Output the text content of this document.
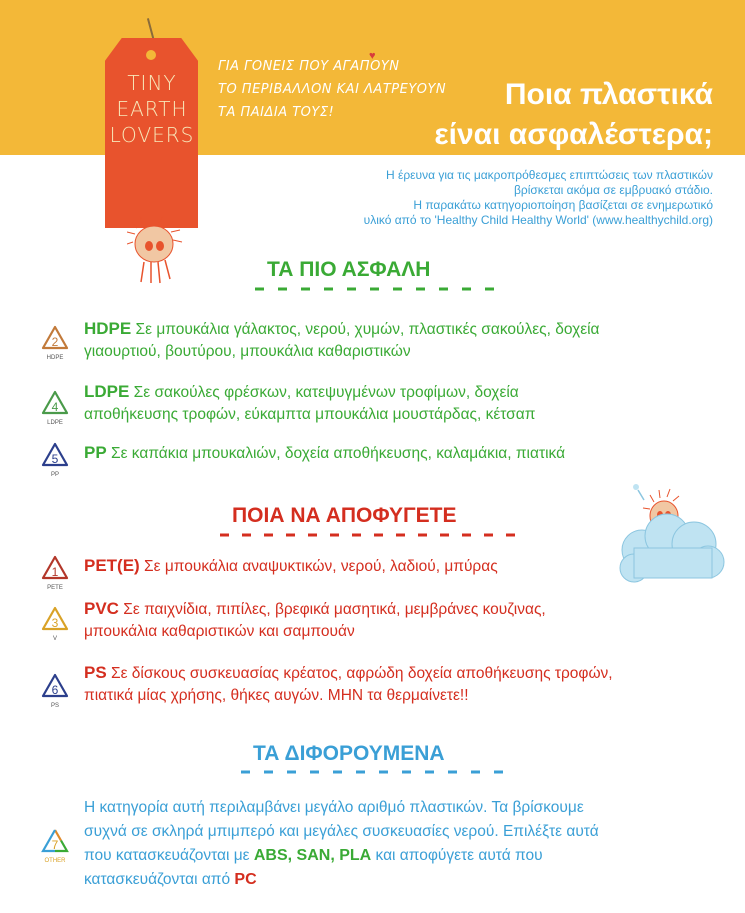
TINY
EARTH
LOVERS
ΓΙΑ ΓΟΝΕΙΣ ΠΟΥ ΑΓΑΠΟΥΝ
ΤΟ ΠΕΡΙΒΑΛΛΟΝ ΚΑΙ ΛΑΤΡΕΥΟΥΝ
ΤΑ ΠΑΙΔΙΑ ΤΟΥΣ!
♥
Ποια πλαστικά
είναι ασφαλέστερα;
Η έρευνα για τις μακροπρόθεσμες επιπτώσεις των πλαστικών
βρίσκεται ακόμα σε εμβρυακό στάδιο.
Η παρακάτω κατηγοριοποίηση βασίζεται σε ενημερωτικό
υλικό από το 'Healthy Child Healthy World' (www.healthychild.org)
ΤΑ ΠΙΟ ΑΣΦΑΛΗ
2
HDPE
HDPE Σε μπουκάλια γάλακτος, νερού, χυμών, πλαστικές σακούλες, δοχεία
γιαουρτιού, βουτύρου, μπουκάλια καθαριστικών
4
LDPE
LDPE Σε σακούλες φρέσκων, κατεψυγμένων τροφίμων, δοχεία
αποθήκευσης τροφών, εύκαμπτα μπουκάλια μουστάρδας, κέτσαπ
5
PP
PP Σε καπάκια μπουκαλιών, δοχεία αποθήκευσης, καλαμάκια, πιατικά
ΠΟΙΑ ΝΑ ΑΠΟΦΥΓΕΤΕ
1
PETE
PET(E) Σε μπουκάλια αναψυκτικών, νερού, λαδιού, μπύρας
3
V
PVC Σε παιχνίδια, πιπίλες, βρεφικά μασητικά, μεμβράνες κουζινας,
μπουκάλια καθαριστικών και σαμπουάν
6
PS
PS Σε δίσκους συσκευασίας κρέατος, αφρώδη δοχεία αποθήκευσης τροφών,
πιατικά μίας χρήσης, θήκες αυγών. ΜΗΝ τα θερμαίνετε!!
ΤΑ ΔΙΦΟΡΟΥΜΕΝΑ
7
OTHER
Η κατηγορία αυτή περιλαμβάνει μεγάλο αριθμό πλαστικών. Τα βρίσκουμε
συχνά σε σκληρά μπιμπερό και μεγάλες συσκευασίες νερού. Επιλέξτε αυτά
που κατασκευάζονται με ABS, SAN, PLA και αποφύγετε αυτά που
κατασκευάζονται από PC
